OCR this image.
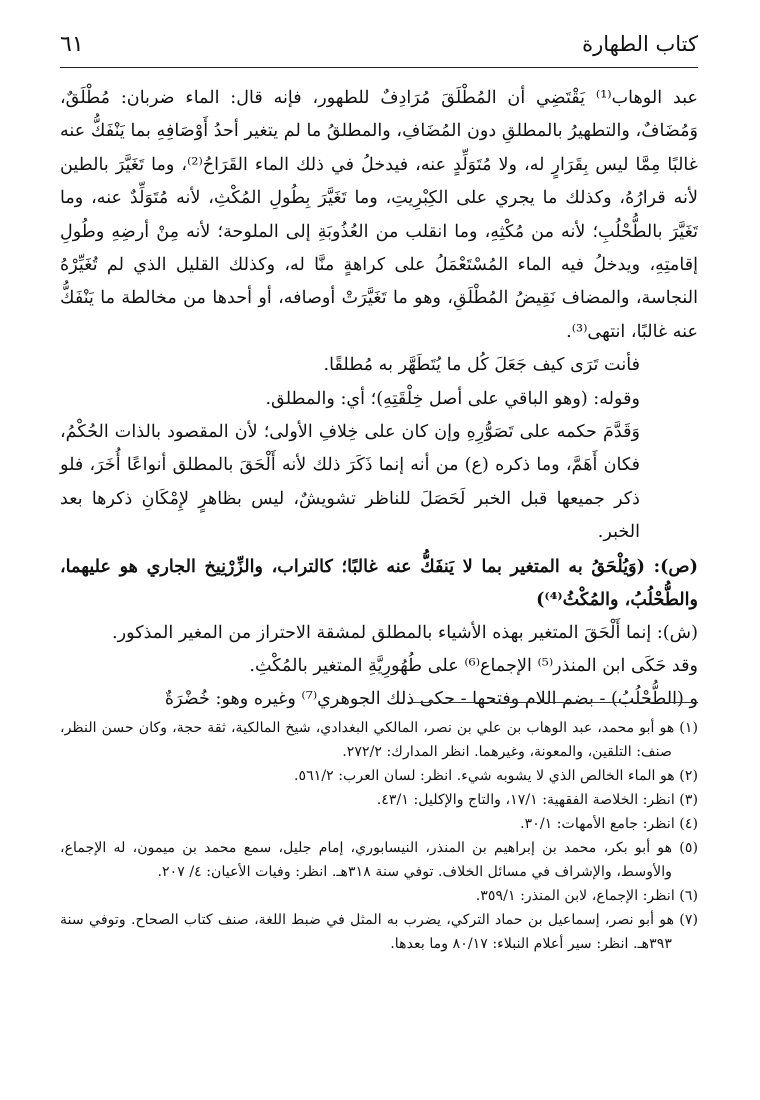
كتاب الطهارة
٦١

عبد الوهاب⁽¹⁾ يَقْتَضِي أن المُطْلَقَ مُرَادِفٌ للطهور، فإنه قال: الماء ضربان: مُطْلَقٌ، وَمُضَافٌ، والتطهيرُ بالمطلقِ دون المُضَافِ، والمطلقُ ما لم يتغير أحدُ أَوْصَافِهِ بما يَنْفَكُّ عنه غالبًا مِمَّا ليس بِقَرَارٍ له، ولا مُتَوَلِّدٍ عنه، فيدخلُ في ذلك الماء القَرَاحُ⁽²⁾، وما تَغَيَّرَ بالطين لأنه قرارُهُ، وكذلك ما يجري على الكِبْرِيتِ، وما تَغَيَّرَ بِطُولِ المُكْثِ، لأنه مُتَوَلِّدٌ عنه، وما تَغَيَّرَ بالطُّحْلُبِ؛ لأنه من مُكْثِهِ، وما انقلب من العُذُوبَةِ إلى الملوحة؛ لأنه مِنْ أرضِهِ وطُولِ إقامتِهِ، ويدخلُ فيه الماء المُسْتَعْمَلُ على كراهةٍ منَّا له، وكذلك القليل الذي لم تُغَيِّرْهُ النجاسة، والمضاف نَقِيضُ المُطْلَقِ، وهو ما تَغَيَّرَتْ أوصافه، أو أحدها من مخالطة ما يَنْفَكُّ عنه غالبًا، انتهى⁽³⁾.

فأنت تَرَى كيف جَعَلَ كُل ما يُتَطَهَّر به مُطلقًا.

وقوله: (وهو الباقي على أصل خِلْقَتِهِ)؛ أي: والمطلق.

وَقَدَّمَ حكمه على تَصَوُّرِهِ وإن كان على خِلافِ الأولى؛ لأن المقصود بالذات الحُكْمُ، فكان أَهَمَّ، وما ذكره (ع) من أنه إنما ذَكَرَ ذلك لأنه أَلْحَقَ بالمطلق أنواعًا أُخَرَ، فلو ذكر جميعها قبل الخبر لَحَصَلَ للناظر تشويشٌ، ليس بظاهرٍ لإِمْكَانِ ذكرها بعد الخبر.

(ص): (وَيُلْحَقُ به المتغير بما لا يَنفَكُّ عنه غالبًا؛ كالتراب، والزِّرْنِيخ الجاري هو عليهما، والطُّحْلُبُ، والمُكْثُ⁽⁴⁾)

(ش): إنما أَلْحَقَ المتغير بهذه الأشياء بالمطلق لمشقة الاحتراز من المغير المذكور.

وقد حَكَى ابن المنذر⁽⁵⁾ الإجماع⁽⁶⁾ على طُهُورِيَّةِ المتغير بالمُكْثِ.

و (الطُّحْلُبُ) - بضم اللام وفتحها - حكى ذلك الجوهري⁽⁷⁾ وغيره وهو: خُضْرَةٌ

(١) هو أبو محمد، عبد الوهاب بن علي بن نصر، المالكي البغدادي، شيخ المالكية، ثقة حجة، وكان حسن النظر، صنف: التلقين، والمعونة، وغيرهما. انظر المدارك: ٢٧٢/٢.

(٢) هو الماء الخالص الذي لا يشوبه شيء. انظر: لسان العرب: ٥٦١/٢.

(٣) انظر: الخلاصة الفقهية: ١٧/١، والتاج والإكليل: ٤٣/١.

(٤) انظر: جامع الأمهات: ٣٠/١.

(٥) هو أبو بكر، محمد بن إبراهيم بن المنذر، النيسابوري، إمام جليل، سمع محمد بن ميمون، له الإجماع، والأوسط، والإشراف في مسائل الخلاف. توفي سنة ٣١٨هـ. انظر: وفيات الأعيان: ٤/ ٢٠٧.

(٦) انظر: الإجماع، لابن المنذر: ٣٥٩/١.

(٧) هو أبو نصر، إسماعيل بن حماد التركي، يضرب به المثل في ضبط اللغة، صنف كتاب الصحاح. وتوفي سنة ٣٩٣هـ. انظر: سير أعلام النبلاء: ٨٠/١٧ وما بعدها.
